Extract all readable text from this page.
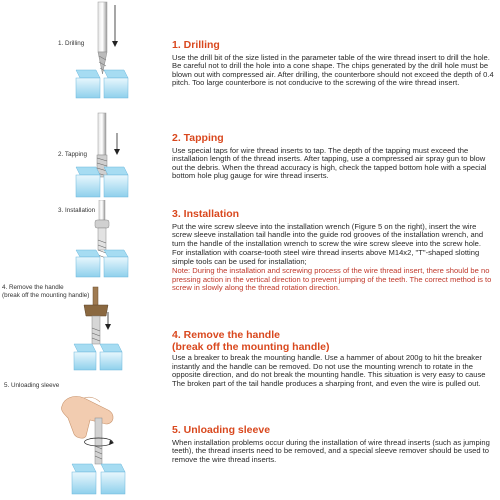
1. Drilling
2. Tapping
3. Installation
4. Remove the handle
(break off the mounting handle)
5. Unloading sleeve
1. Drilling

Use the drill bit of the size listed in the parameter table of the wire thread insert to drill the hole. Be careful not to drill the hole into a cone shape. The chips generated by the drill hole must be blown out with compressed air. After drilling, the counterbore should not exceed the depth of 0.4 pitch. Too large counterbore is not conducive to the screwing of the wire thread insert.

2. Tapping

Use special taps for wire thread inserts to tap. The depth of the tapping must exceed the installation length of the thread inserts. After tapping, use a compressed air spray gun to blow out the debris. When the thread accuracy is high, check the tapped bottom hole with a special bottom hole plug gauge for wire thread inserts.

3. Installation

Put the wire screw sleeve into the installation wrench (Figure 5 on the right), insert the wire screw sleeve installation tail handle into the guide rod grooves of the installation wrench, and turn the handle of the installation wrench to screw the wire screw sleeve into the screw hole.

For installation with coarse-tooth steel wire thread inserts above M14x2, "T"-shaped slotting simple tools can be used for installation;

Note: During the installation and screwing process of the wire thread insert, there should be no pressing action in the vertical direction to prevent jumping of the teeth. The correct method is to screw in slowly along the thread rotation direction.

4. Remove the handle
(break off the mounting handle)

Use a breaker to break the mounting handle. Use a hammer of about 200g to hit the breaker instantly and the handle can be removed. Do not use the mounting wrench to rotate in the opposite direction, and do not break the mounting handle. This situation is very easy to cause The broken part of the tail handle produces a sharping front, and even the wire is pulled out.

5. Unloading sleeve

When installation problems occur during the installation of wire thread inserts (such as jumping teeth), the thread inserts need to be removed, and a special sleeve remover should be used to remove the wire thread inserts.
